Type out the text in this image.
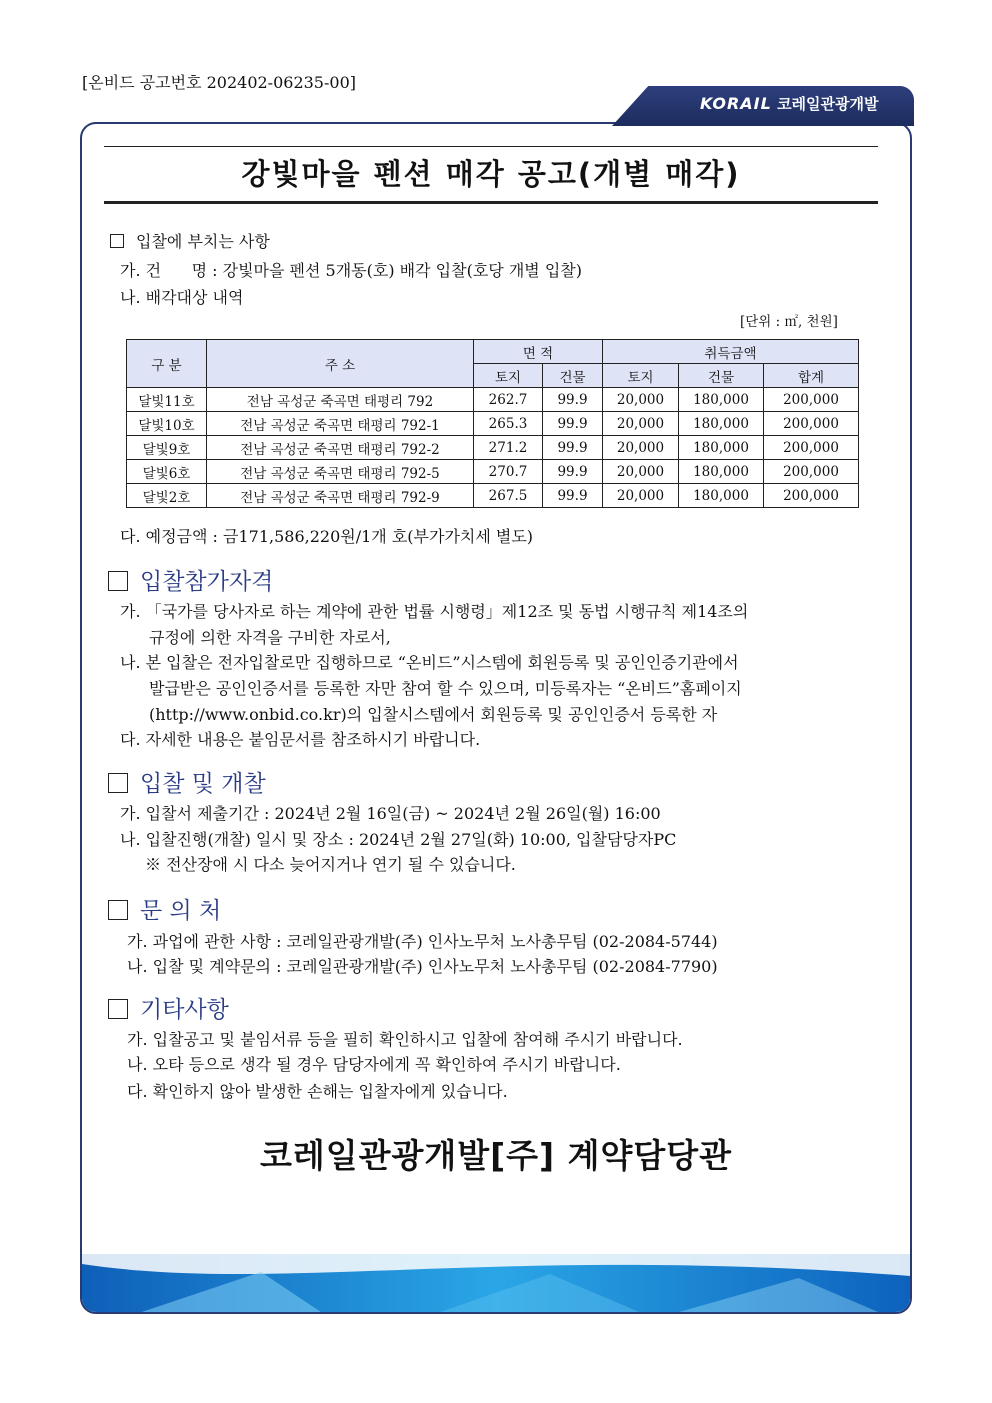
[온비드 공고번호 202402-06235-00]
KORAIL 코레일관광개발
강빛마을 펜션 매각 공고(개별 매각)
입찰에 부치는 사항
가. 건      명 : 강빛마을 펜션 5개동(호) 배각 입찰(호당 개별 입찰)
나. 배각대상 내역
[단위 : ㎡, 천원]
구 분	주 소	면 적		취득금액		
		토지	건물	토지	건물	합계
달빛11호	전남 곡성군 죽곡면 태평리 792	262.7	99.9	20,000	180,000	200,000
달빛10호	전남 곡성군 죽곡면 태평리 792-1	265.3	99.9	20,000	180,000	200,000
달빛9호	전남 곡성군 죽곡면 태평리 792-2	271.2	99.9	20,000	180,000	200,000
달빛6호	전남 곡성군 죽곡면 태평리 792-5	270.7	99.9	20,000	180,000	200,000
달빛2호	전남 곡성군 죽곡면 태평리 792-9	267.5	99.9	20,000	180,000	200,000
다. 예정금액 : 금171,586,220원/1개 호(부가가치세 별도)
입찰참가자격
가. 「국가를 당사자로 하는 계약에 관한 법률 시행령」제12조 및 동법 시행규칙 제14조의
규정에 의한 자격을 구비한 자로서,
나. 본 입찰은 전자입찰로만 집행하므로 “온비드”시스템에 회원등록 및 공인인증기관에서
발급받은 공인인증서를 등록한 자만 참여 할 수 있으며, 미등록자는 “온비드”홈페이지
(http://www.onbid.co.kr)의 입찰시스템에서 회원등록 및 공인인증서 등록한 자
다. 자세한 내용은 붙임문서를 참조하시기 바랍니다.
입찰 및 개찰
가. 입찰서 제출기간 : 2024년 2월 16일(금) ~ 2024년 2월 26일(월) 16:00
나. 입찰진행(개찰) 일시 및 장소 : 2024년 2월 27일(화) 10:00, 입찰담당자PC
※ 전산장애 시 다소 늦어지거나 연기 될 수 있습니다.
문 의 처
가. 과업에 관한 사항 : 코레일관광개발(주) 인사노무처 노사총무팀 (02-2084-5744)
나. 입찰 및 계약문의 : 코레일관광개발(주) 인사노무처 노사총무팀 (02-2084-7790)
기타사항
가. 입찰공고 및 붙임서류 등을 필히 확인하시고 입찰에 참여해 주시기 바랍니다.
나. 오타 등으로 생각 될 경우 담당자에게 꼭 확인하여 주시기 바랍니다.
다. 확인하지 않아 발생한 손해는 입찰자에게 있습니다.
코레일관광개발[주] 계약담당관
